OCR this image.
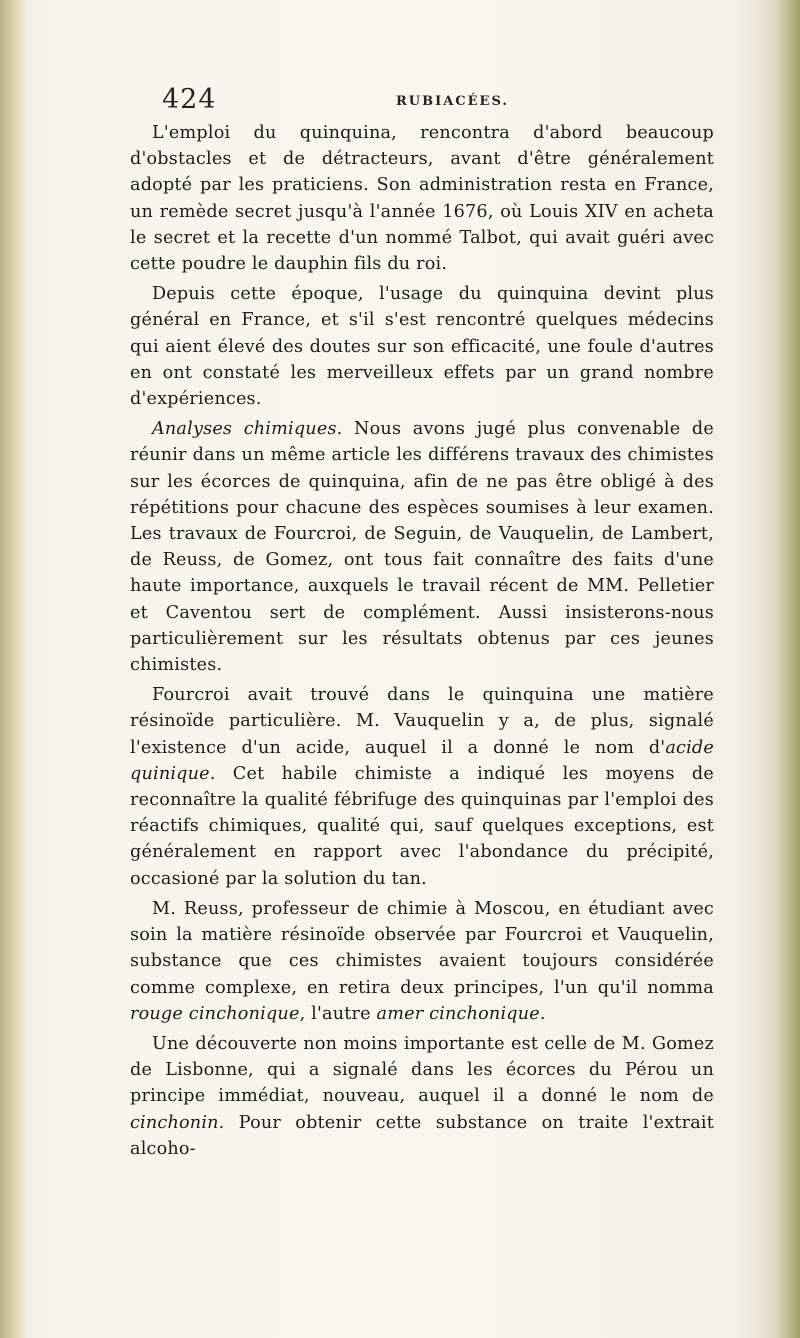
424	RUBIACÉES.

L'emploi du quinquina, rencontra d'abord beaucoup d'obstacles et de détracteurs, avant d'être généralement adopté par les praticiens. Son administration resta en France, un remède secret jusqu'à l'année 1676, où Louis XIV en acheta le secret et la recette d'un nommé Talbot, qui avait guéri avec cette poudre le dauphin fils du roi.

Depuis cette époque, l'usage du quinquina devint plus général en France, et s'il s'est rencontré quelques médecins qui aient élevé des doutes sur son efficacité, une foule d'autres en ont constaté les merveilleux effets par un grand nombre d'expériences.

Analyses chimiques. Nous avons jugé plus convenable de réunir dans un même article les différens travaux des chimistes sur les écorces de quinquina, afin de ne pas être obligé à des répétitions pour chacune des espèces soumises à leur examen. Les travaux de Fourcroi, de Seguin, de Vauquelin, de Lambert, de Reuss, de Gomez, ont tous fait connaître des faits d'une haute importance, auxquels le travail récent de MM. Pelletier et Caventou sert de complément. Aussi insisterons-nous particulièrement sur les résultats obtenus par ces jeunes chimistes.

Fourcroi avait trouvé dans le quinquina une matière résinoïde particulière. M. Vauquelin y a, de plus, signalé l'existence d'un acide, auquel il a donné le nom d'acide quinique. Cet habile chimiste a indiqué les moyens de reconnaître la qualité fébrifuge des quinquinas par l'emploi des réactifs chimiques, qualité qui, sauf quelques exceptions, est généralement en rapport avec l'abondance du précipité, occasioné par la solution du tan.

M. Reuss, professeur de chimie à Moscou, en étudiant avec soin la matière résinoïde observée par Fourcroi et Vauquelin, substance que ces chimistes avaient toujours considérée comme complexe, en retira deux principes, l'un qu'il nomma rouge cinchonique, l'autre amer cinchonique.

Une découverte non moins importante est celle de M. Gomez de Lisbonne, qui a signalé dans les écorces du Pérou un principe immédiat, nouveau, auquel il a donné le nom de cinchonin. Pour obtenir cette substance on traite l'extrait alcoho-
